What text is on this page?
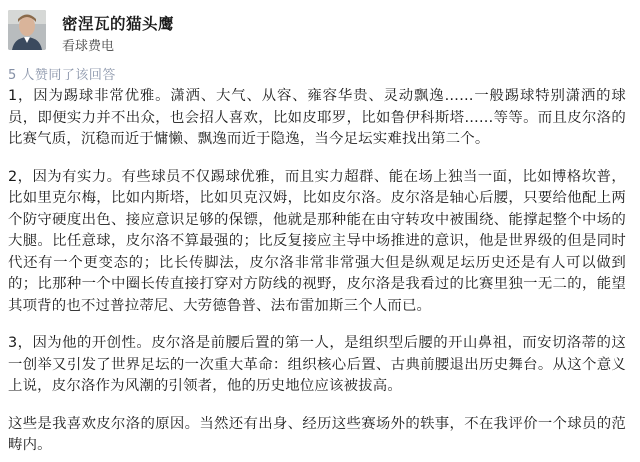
密涅瓦的猫头鹰
看球费电
5 人赞同了该回答

1，因为踢球非常优雅。潇洒、大气、从容、雍容华贵、灵动飘逸……一般踢球特别潇洒的球员，即便实力并不出众，也会招人喜欢，比如皮耶罗，比如鲁伊科斯塔……等等。而且皮尔洛的比赛气质，沉稳而近于慵懒、飘逸而近于隐逸，当今足坛实难找出第二个。

2，因为有实力。有些球员不仅踢球优雅，而且实力超群、能在场上独当一面，比如博格坎普，比如里克尔梅，比如内斯塔，比如贝克汉姆，比如皮尔洛。皮尔洛是轴心后腰，只要给他配上两个防守硬度出色、接应意识足够的保镖，他就是那种能在由守转攻中被围绕、能撑起整个中场的大腿。比任意球，皮尔洛不算最强的；比反复接应主导中场推进的意识，他是世界级的但是同时代还有一个更变态的；比长传脚法，皮尔洛非常非常强大但是纵观足坛历史还是有人可以做到的；比那种一个中圈长传直接打穿对方防线的视野，皮尔洛是我看过的比赛里独一无二的，能望其项背的也不过普拉蒂尼、大劳德鲁普、法布雷加斯三个人而已。

3，因为他的开创性。皮尔洛是前腰后置的第一人，是组织型后腰的开山鼻祖，而安切洛蒂的这一创举又引发了世界足坛的一次重大革命：组织核心后置、古典前腰退出历史舞台。从这个意义上说，皮尔洛作为风潮的引领者，他的历史地位应该被拔高。

这些是我喜欢皮尔洛的原因。当然还有出身、经历这些赛场外的轶事，不在我评价一个球员的范畴内。
